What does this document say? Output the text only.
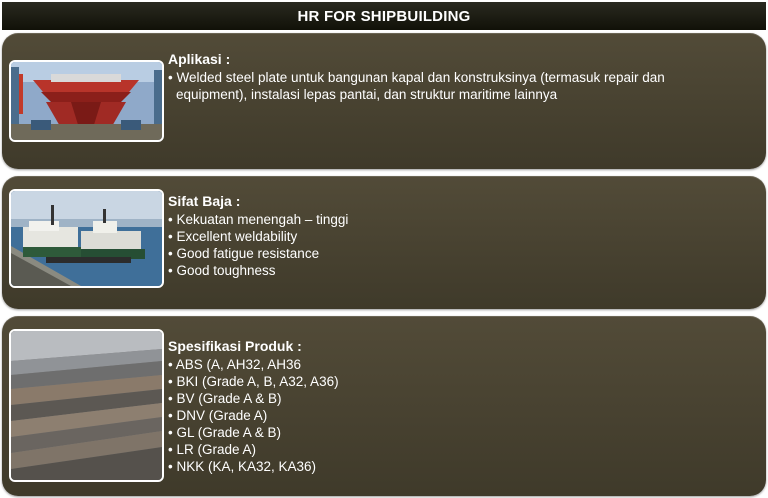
HR FOR SHIPBUILDING
Aplikasi :
• Welded steel plate untuk bangunan kapal dan konstruksinya (termasuk repair dan equipment), instalasi lepas pantai, dan struktur maritime lainnya
Sifat Baja :
• Kekuatan menengah – tinggi
• Excellent weldability
• Good fatigue resistance
• Good toughness
Spesifikasi Produk :
• ABS (A, AH32, AH36
• BKI (Grade A, B, A32, A36)
• BV (Grade A & B)
• DNV (Grade A)
• GL (Grade A & B)
• LR (Grade A)
• NKK (KA, KA32, KA36)
